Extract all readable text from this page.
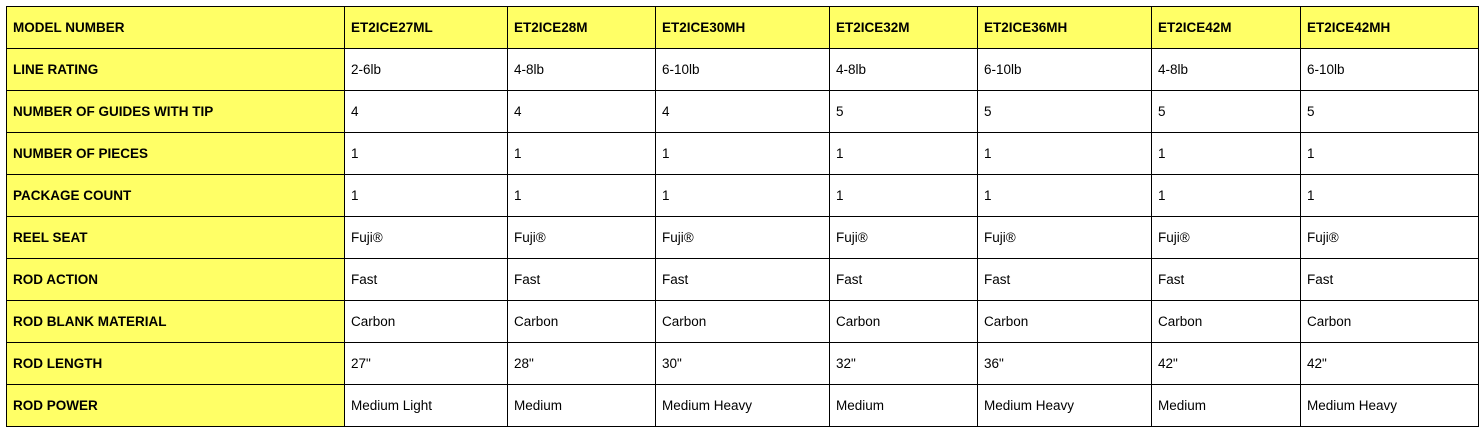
MODEL NUMBER	ET2ICE27ML	ET2ICE28M	ET2ICE30MH	ET2ICE32M	ET2ICE36MH	ET2ICE42M	ET2ICE42MH
LINE RATING	2-6lb	4-8lb	6-10lb	4-8lb	6-10lb	4-8lb	6-10lb
NUMBER OF GUIDES WITH TIP	4	4	4	5	5	5	5
NUMBER OF PIECES	1	1	1	1	1	1	1
PACKAGE COUNT	1	1	1	1	1	1	1
REEL SEAT	Fuji®	Fuji®	Fuji®	Fuji®	Fuji®	Fuji®	Fuji®
ROD ACTION	Fast	Fast	Fast	Fast	Fast	Fast	Fast
ROD BLANK MATERIAL	Carbon	Carbon	Carbon	Carbon	Carbon	Carbon	Carbon
ROD LENGTH	27"	28"	30"	32"	36"	42"	42"
ROD POWER	Medium Light	Medium	Medium Heavy	Medium	Medium Heavy	Medium	Medium Heavy
